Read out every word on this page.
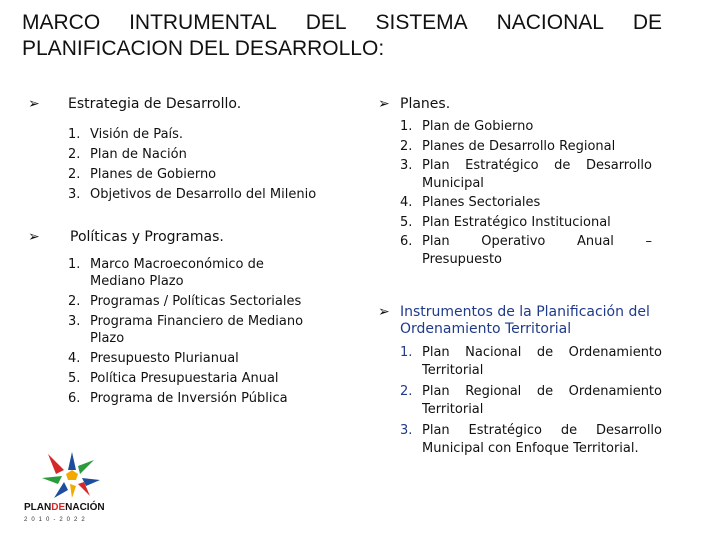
MARCO INTRUMENTAL DEL SISTEMA NACIONAL DE
PLANIFICACION DEL DESARROLLO:
➢ Estrategia de Desarrollo.
1. Visión de País.
2. Plan de Nación
2. Planes de Gobierno
3. Objetivos de Desarrollo del Milenio
➢ Políticas y Programas.
1. Marco Macroeconómico de Mediano Plazo
2. Programas / Políticas Sectoriales
3. Programa Financiero de Mediano Plazo
4. Presupuesto Plurianual
5. Política Presupuestaria Anual
6. Programa de Inversión Pública
➢ Planes.
1. Plan de Gobierno
2. Planes de Desarrollo Regional
3. Plan Estratégico de Desarrollo Municipal
4. Planes Sectoriales
5. Plan Estratégico Institucional
6. Plan Operativo Anual – Presupuesto
➢ Instrumentos de la Planificación del Ordenamiento Territorial
1. Plan Nacional de Ordenamiento Territorial
2. Plan Regional de Ordenamiento Territorial
3. Plan Estratégico de Desarrollo Municipal con Enfoque Territorial.
PLANDENACIÓN
2010-2022
